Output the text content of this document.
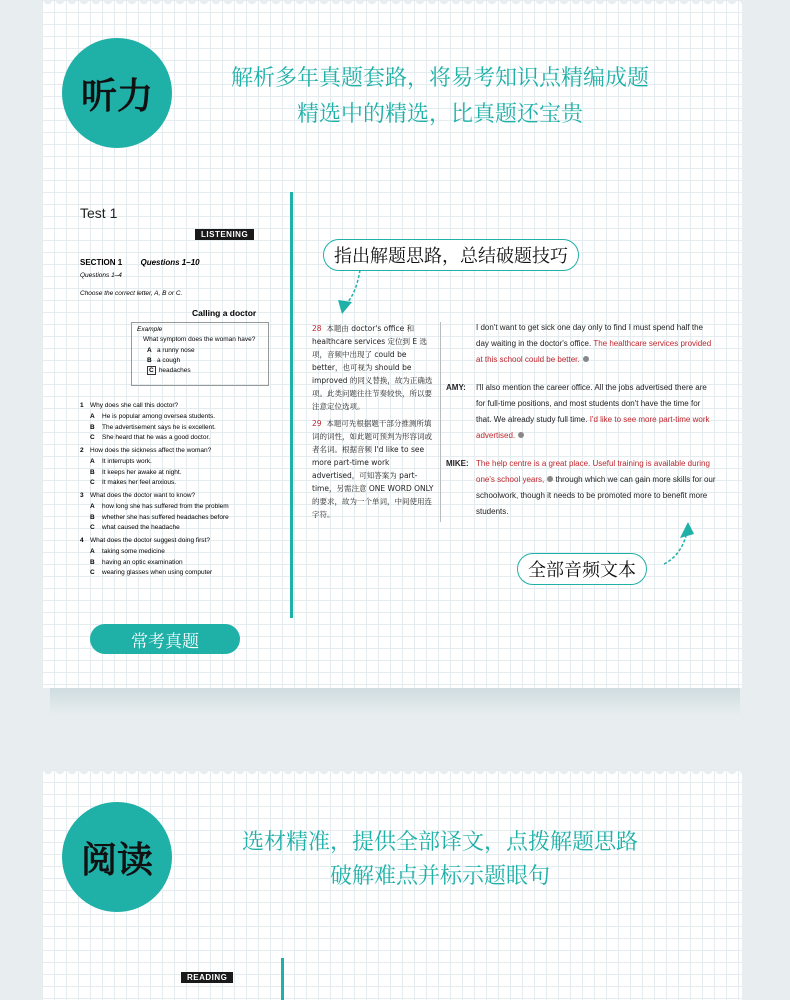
听力	解析多年真题套路，将易考知识点精编成题
精选中的精选，比真题还宝贵
Test 1
LISTENING
SECTION 1 Questions 1–10
Questions 1–4
Choose the correct letter, A, B or C.
Calling a doctor
Example
What symptom does the woman have?
A a runny nose
B a cough
C headaches
1 Why does she call this doctor?
A He is popular among oversea students.
B The advertisement says he is excellent.
C She heard that he was a good doctor.
2 How does the sickness affect the woman?
A It interrupts work.
B It keeps her awake at night.
C It makes her feel anxious.
3 What does the doctor want to know?
A how long she has suffered from the problem
B whether she has suffered headaches before
C what caused the headache
4 What does the doctor suggest doing first?
A taking some medicine
B having an optic examination
C wearing glasses when using computer
常考真题
指出解题思路，总结破题技巧

28 本题由 doctor's office 和 healthcare services 定位到 E 选项，音频中出现了 could be better，也可视为 should be improved 的同义替换，故为正确选项。此类问题往往节奏较快，所以要注意定位选项。

29 本题可先根据题干部分推测所填词的词性，如此题可预判为形容词或者名词。根据音频 I'd like to see more part-time work advertised，可知答案为 part-time，另需注意 ONE WORD ONLY 的要求，故为一个单词，中间使用连字符。

I don't want to get sick one day only to find I must spend half the day waiting in the doctor's office. The healthcare services provided at this school could be better.
AMY: I'll also mention the career office. All the jobs advertised there are for full-time positions, and most students don't have the time for that. We already study full time. I'd like to see more part-time work advertised.
MIKE: The help centre is a great place. Useful training is available during one's school years, through which we can gain more skills for our schoolwork, though it needs to be promoted more to benefit more students.
全部音频文本
阅读	选材精准，提供全部译文，点拨解题思路
破解难点并标示题眼句
READING
